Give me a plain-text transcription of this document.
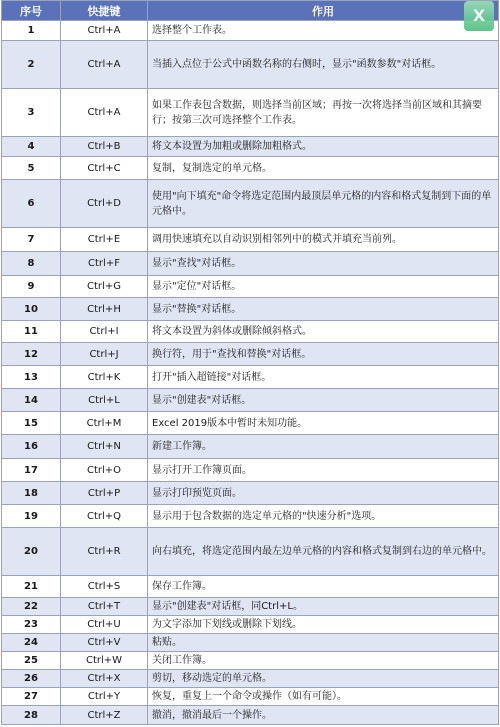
序号	快捷键	作用
1	Ctrl+A	选择整个工作表。
2	Ctrl+A	当插入点位于公式中函数名称的右侧时，显示"函数参数"对话框。
3	Ctrl+A	如果工作表包含数据，则选择当前区域；再按一次将选择当前区域和其摘要行；按第三次可选择整个工作表。
4	Ctrl+B	将文本设置为加粗或删除加粗格式。
5	Ctrl+C	复制，复制选定的单元格。
6	Ctrl+D	使用"向下填充"命令将选定范围内最顶层单元格的内容和格式复制到下面的单元格中。
7	Ctrl+E	调用快速填充以自动识别相邻列中的模式并填充当前列。
8	Ctrl+F	显示"查找"对话框。
9	Ctrl+G	显示"定位"对话框。
10	Ctrl+H	显示"替换"对话框。
11	Ctrl+I	将文本设置为斜体或删除倾斜格式。
12	Ctrl+J	换行符，用于"查找和替换"对话框。
13	Ctrl+K	打开"插入超链接"对话框。
14	Ctrl+L	显示"创建表"对话框。
15	Ctrl+M	Excel 2019版本中暂时未知功能。
16	Ctrl+N	新建工作簿。
17	Ctrl+O	显示打开工作簿页面。
18	Ctrl+P	显示打印预览页面。
19	Ctrl+Q	显示用于包含数据的选定单元格的"快速分析"选项。
20	Ctrl+R	向右填充，将选定范围内最左边单元格的内容和格式复制到右边的单元格中。
21	Ctrl+S	保存工作簿。
22	Ctrl+T	显示"创建表"对话框，同Ctrl+L。
23	Ctrl+U	为文字添加下划线或删除下划线。
24	Ctrl+V	粘贴。
25	Ctrl+W	关闭工作簿。
26	Ctrl+X	剪切，移动选定的单元格。
27	Ctrl+Y	恢复，重复上一个命令或操作（如有可能）。
28	Ctrl+Z	撤消，撤消最后一个操作。
X
